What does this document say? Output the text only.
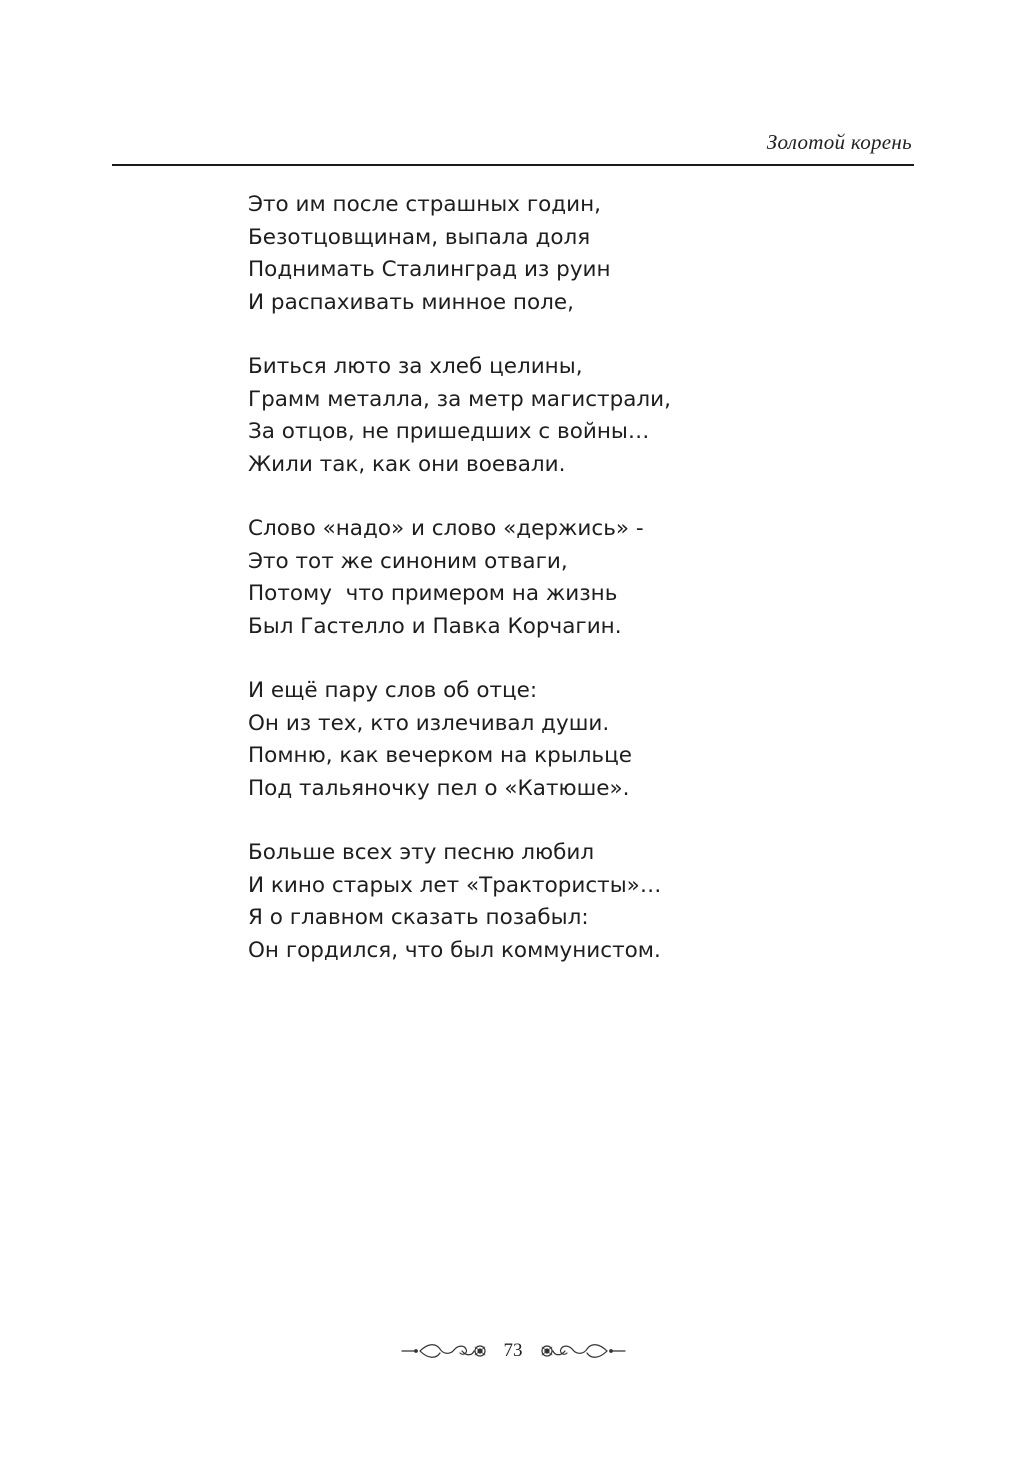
Золотой корень
Это им после страшных годин,
Безотцовщинам, выпала доля
Поднимать Сталинград из руин
И распахивать минное поле,
Биться люто за хлеб целины,
Грамм металла, за метр магистрали,
За отцов, не пришедших с войны…
Жили так, как они воевали.
Слово «надо» и слово «держись» -
Это тот же синоним отваги,
Потому  что примером на жизнь
Был Гастелло и Павка Корчагин.
И ещё пару слов об отце:
Он из тех, кто излечивал души.
Помню, как вечерком на крыльце
Под тальяночку пел о «Катюше».
Больше всех эту песню любил
И кино старых лет «Трактористы»…
Я о главном сказать позабыл:
Он гордился, что был коммунистом.
73
